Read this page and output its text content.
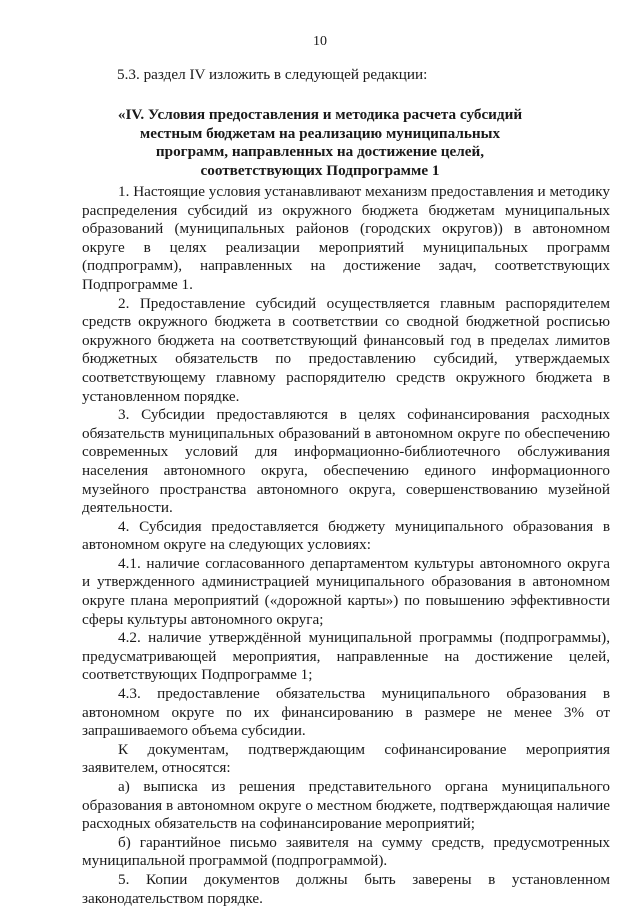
10
5.3. раздел IV изложить в следующей редакции:
«IV. Условия предоставления и методика расчета субсидий
местным бюджетам на реализацию муниципальных
программ, направленных на достижение целей,
соответствующих Подпрограмме 1

1. Настоящие условия устанавливают механизм предоставления и методику распределения субсидий из окружного бюджета бюджетам муниципальных образований (муниципальных районов (городских округов)) в автономном округе в целях реализации мероприятий муниципальных программ (подпрограмм), направленных на достижение задач, соответствующих Подпрограмме 1.

2. Предоставление субсидий осуществляется главным распорядителем средств окружного бюджета в соответствии со сводной бюджетной росписью окружного бюджета на соответствующий финансовый год в пределах лимитов бюджетных обязательств по предоставлению субсидий, утверждаемых соответствующему главному распорядителю средств окружного бюджета в установленном порядке.

3. Субсидии предоставляются в целях софинансирования расходных обязательств муниципальных образований в автономном округе по обеспечению современных условий для информационно-библиотечного обслуживания населения автономного округа, обеспечению единого информационного музейного пространства автономного округа, совершенствованию музейной деятельности.

4. Субсидия предоставляется бюджету муниципального образования в автономном округе на следующих условиях:

4.1. наличие согласованного департаментом культуры автономного округа и утвержденного администрацией муниципального образования в автономном округе плана мероприятий («дорожной карты») по повышению эффективности сферы культуры автономного округа;

4.2. наличие утверждённой муниципальной программы (подпрограммы), предусматривающей мероприятия, направленные на достижение целей, соответствующих Подпрограмме 1;

4.3. предоставление обязательства муниципального образования в автономном округе по их финансированию в размере не менее 3% от запрашиваемого объема субсидии.

К документам, подтверждающим софинансирование мероприятия заявителем, относятся:

а) выписка из решения представительного органа муниципального образования в автономном округе о местном бюджете, подтверждающая наличие расходных обязательств на софинансирование мероприятий;

б) гарантийное письмо заявителя на сумму средств, предусмотренных муниципальной программой (подпрограммой).

5. Копии документов должны быть заверены в установленном законодательством порядке.
